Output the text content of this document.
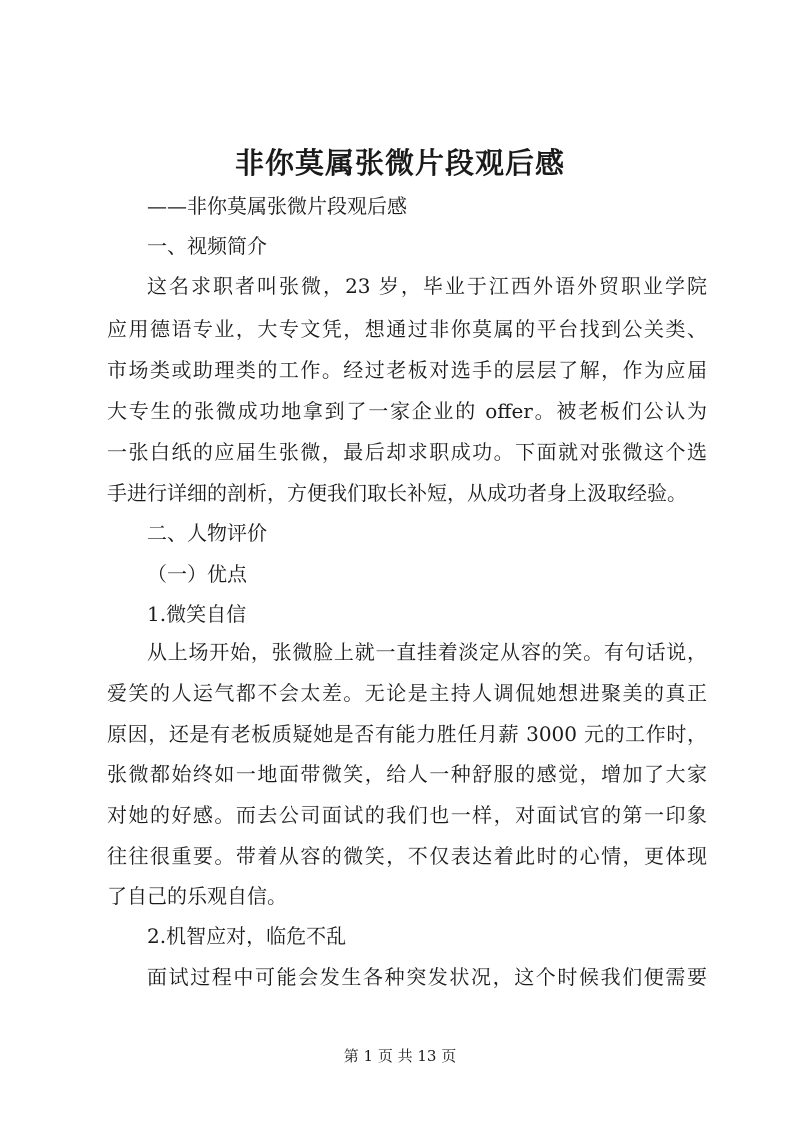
非你莫属张微片段观后感
——非你莫属张微片段观后感
一、视频简介
这名求职者叫张微，23 岁，毕业于江西外语外贸职业学院
应用德语专业，大专文凭，想通过非你莫属的平台找到公关类、
市场类或助理类的工作。经过老板对选手的层层了解，作为应届
大专生的张微成功地拿到了一家企业的 offer。被老板们公认为
一张白纸的应届生张微，最后却求职成功。下面就对张微这个选
手进行详细的剖析，方便我们取长补短，从成功者身上汲取经验。
二、人物评价
（一）优点
1.微笑自信
从上场开始，张微脸上就一直挂着淡定从容的笑。有句话说，
爱笑的人运气都不会太差。无论是主持人调侃她想进聚美的真正
原因，还是有老板质疑她是否有能力胜任月薪 3000 元的工作时，
张微都始终如一地面带微笑，给人一种舒服的感觉，增加了大家
对她的好感。而去公司面试的我们也一样，对面试官的第一印象
往往很重要。带着从容的微笑，不仅表达着此时的心情，更体现
了自己的乐观自信。
2.机智应对，临危不乱
面试过程中可能会发生各种突发状况，这个时候我们便需要
第 1 页 共 13 页
